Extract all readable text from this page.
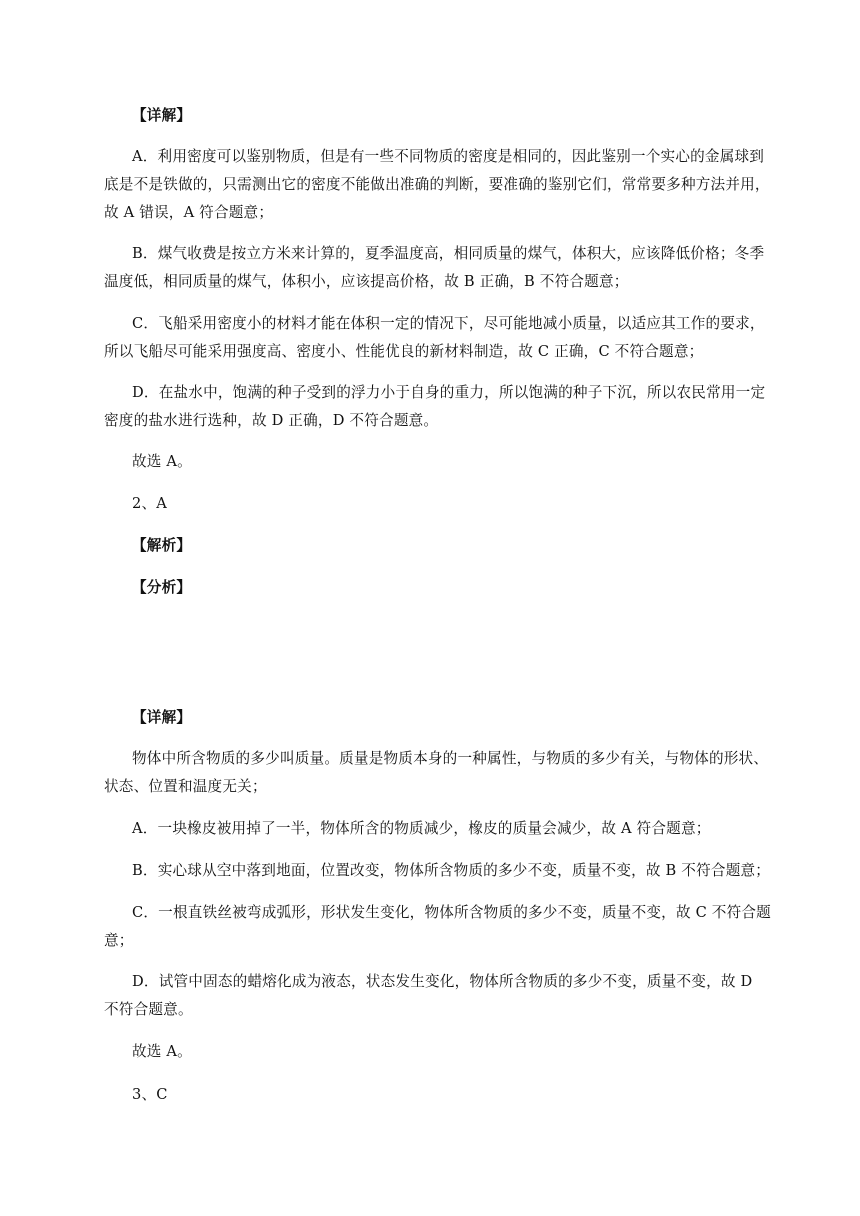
【详解】
A．利用密度可以鉴别物质，但是有一些不同物质的密度是相同的，因此鉴别一个实心的金属球到
底是不是铁做的，只需测出它的密度不能做出准确的判断，要准确的鉴别它们，常常要多种方法并用，
故 A 错误，A 符合题意；
B．煤气收费是按立方米来计算的，夏季温度高，相同质量的煤气，体积大，应该降低价格；冬季
温度低，相同质量的煤气，体积小，应该提高价格，故 B 正确，B 不符合题意；
C．飞船采用密度小的材料才能在体积一定的情况下，尽可能地减小质量，以适应其工作的要求，
所以飞船尽可能采用强度高、密度小、性能优良的新材料制造，故 C 正确，C 不符合题意；
D．在盐水中，饱满的种子受到的浮力小于自身的重力，所以饱满的种子下沉，所以农民常用一定
密度的盐水进行选种，故 D 正确，D 不符合题意。
故选 A。
2、A
【解析】
【分析】
【详解】
物体中所含物质的多少叫质量。质量是物质本身的一种属性，与物质的多少有关，与物体的形状、
状态、位置和温度无关；
A．一块橡皮被用掉了一半，物体所含的物质减少，橡皮的质量会减少，故 A 符合题意；
B．实心球从空中落到地面，位置改变，物体所含物质的多少不变，质量不变，故 B 不符合题意；
C．一根直铁丝被弯成弧形，形状发生变化，物体所含物质的多少不变，质量不变，故 C 不符合题
意；
D．试管中固态的蜡熔化成为液态，状态发生变化，物体所含物质的多少不变，质量不变，故 D
不符合题意。
故选 A。
3、C
